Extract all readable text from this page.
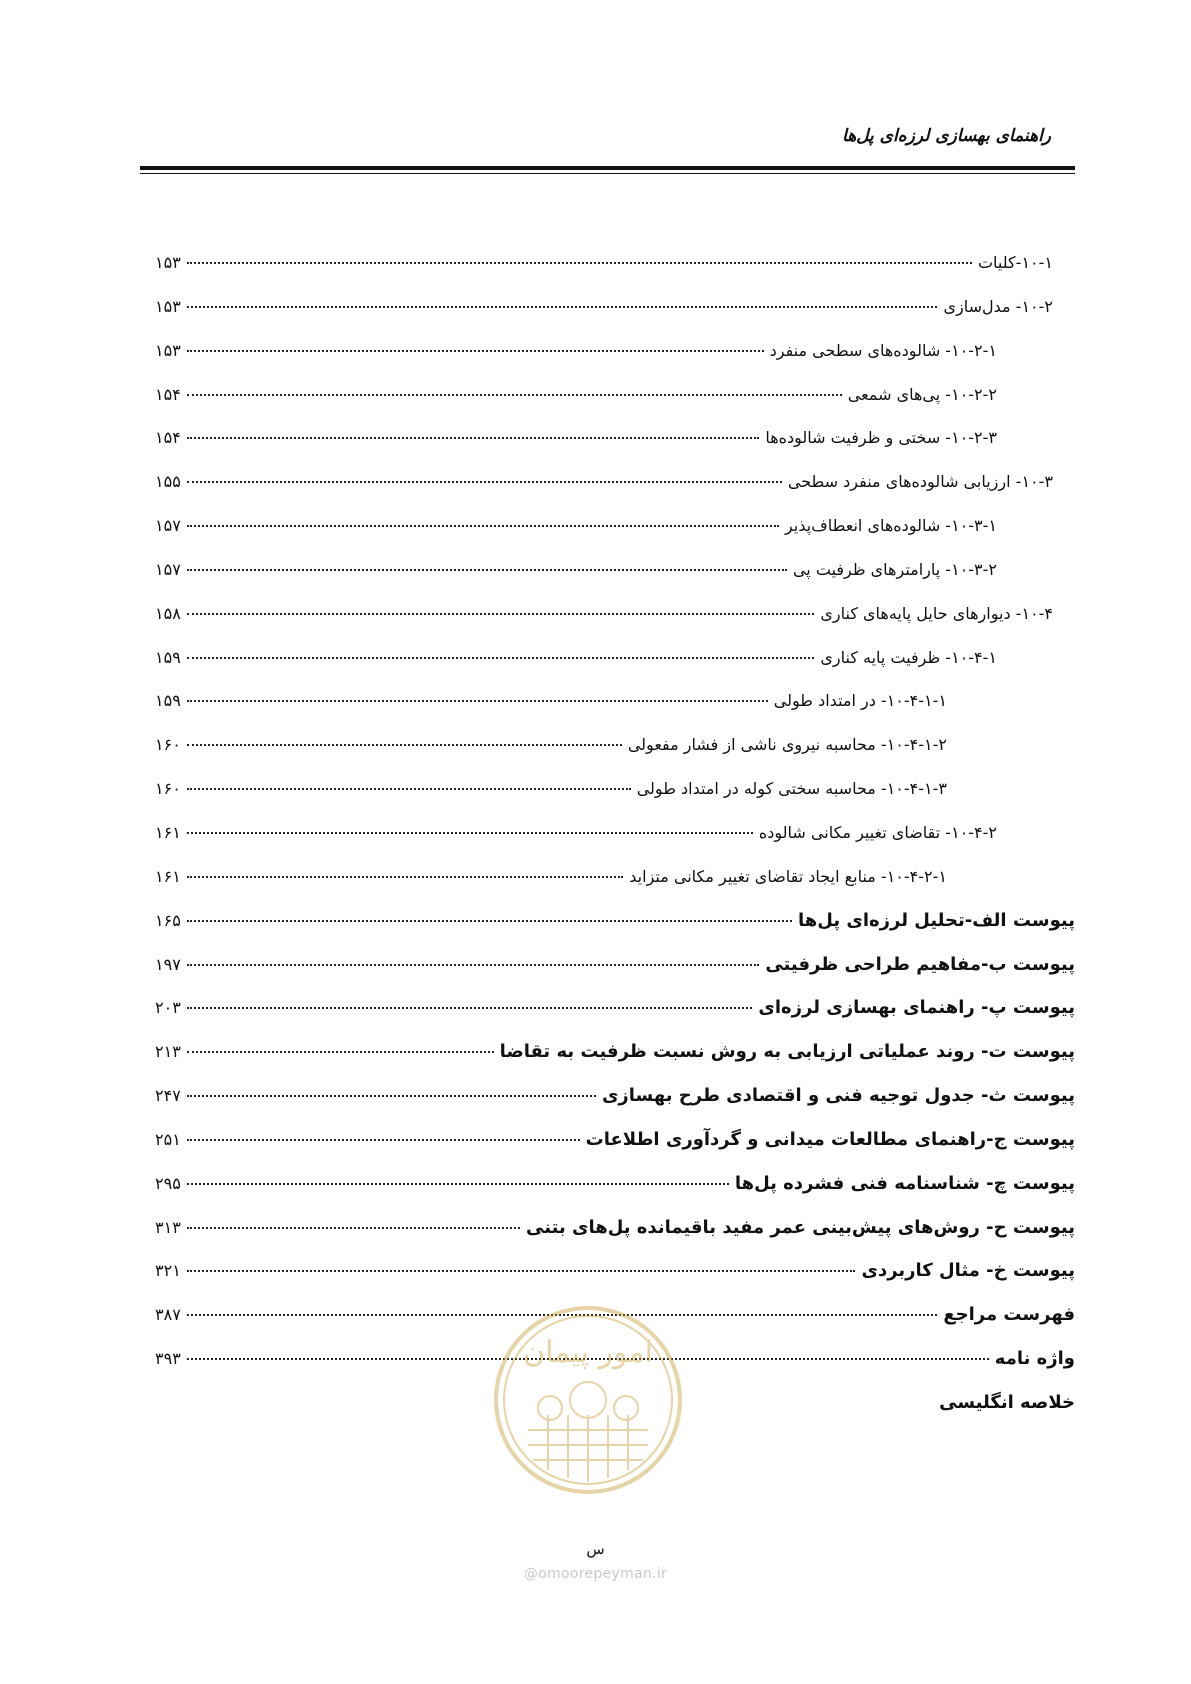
راهنمای بهسازی لرزه‌ای پل‌ها
۱۰-۱-کلیات
۱۵۳
۱۰-۲- مدل‌سازی
۱۵۳
۱۰-۲-۱- شالوده‌های سطحی منفرد
۱۵۳
۱۰-۲-۲- پی‌های شمعی
۱۵۴
۱۰-۲-۳- سختی و ظرفیت شالوده‌ها
۱۵۴
۱۰-۳- ارزیابی شالوده‌های منفرد سطحی
۱۵۵
۱۰-۳-۱- شالوده‌های انعطاف‌پذیر
۱۵۷
۱۰-۳-۲- پارامترهای ظرفیت پی
۱۵۷
۱۰-۴- دیوارهای حایل پایه‌های کناری
۱۵۸
۱۰-۴-۱- ظرفیت پایه کناری
۱۵۹
۱۰-۴-۱-۱- در امتداد طولی
۱۵۹
۱۰-۴-۱-۲- محاسبه نیروی ناشی از فشار مفعولی
۱۶۰
۱۰-۴-۱-۳- محاسبه سختی کوله در امتداد طولی
۱۶۰
۱۰-۴-۲- تقاضای تغییر مکانی شالوده
۱۶۱
۱۰-۴-۲-۱- منابع ایجاد تقاضای تغییر مکانی متزاید
۱۶۱
پیوست الف-تحلیل لرزه‌ای پل‌ها
۱۶۵
پیوست ب-مفاهیم طراحی ظرفیتی
۱۹۷
پیوست پ- راهنمای بهسازی لرزه‌ای
۲۰۳
پیوست ت- روند عملیاتی ارزیابی به روش نسبت ظرفیت به تقاضا
۲۱۳
پیوست ث- جدول توجیه فنی و اقتصادی طرح بهسازی
۲۴۷
پیوست ج-راهنمای مطالعات میدانی و گردآوری اطلاعات
۲۵۱
پیوست چ- شناسنامه فنی فشرده پل‌ها
۲۹۵
پیوست ح- روش‌های پیش‌بینی عمر مفید باقیمانده پل‌های بتنی
۳۱۳
پیوست خ- مثال کاربردی
۳۲۱
فهرست مراجع
۳۸۷
واژه نامه
۳۹۳
خلاصه انگلیسی
امور پیمان
س
@omoorepeyman.ir
